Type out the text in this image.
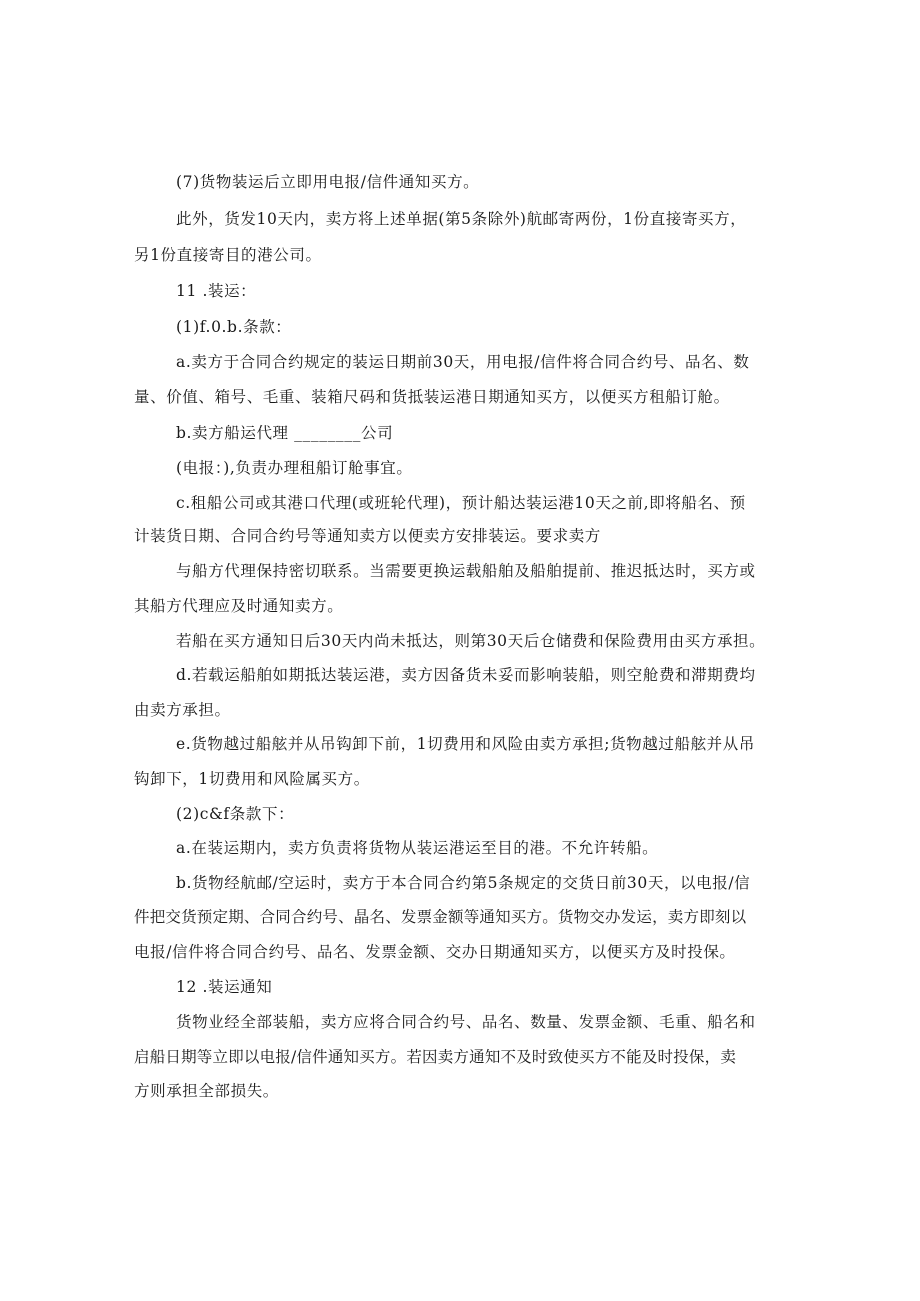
(7)货物装运后立即用电报/信件通知买方。
此外，货发10天内，卖方将上述单据(第5条除外)航邮寄两份，1份直接寄买方，
另1份直接寄目的港公司。
11 .装运：
(1)f.0.b.条款：
a.卖方于合同合约规定的装运日期前30天，用电报/信件将合同合约号、品名、数
量、价值、箱号、毛重、装箱尺码和货抵装运港日期通知买方，以便买方租船订舱。
b.卖方船运代理 ________公司
(电报：),负责办理租船订舱事宜。
c.租船公司或其港口代理(或班轮代理)，预计船达装运港10天之前,即将船名、预
计装货日期、合同合约号等通知卖方以便卖方安排装运。要求卖方
与船方代理保持密切联系。当需要更换运载船舶及船舶提前、推迟抵达时，买方或
其船方代理应及时通知卖方。
若船在买方通知日后30天内尚未抵达，则第30天后仓储费和保险费用由买方承担。
d.若载运船舶如期抵达装运港，卖方因备货未妥而影响装船，则空舱费和滞期费均
由卖方承担。
e.货物越过船舷并从吊钩卸下前，1切费用和风险由卖方承担;货物越过船舷并从吊
钩卸下，1切费用和风险属买方。
(2)c&f条款下：
a.在装运期内，卖方负责将货物从装运港运至目的港。不允许转船。
b.货物经航邮/空运时，卖方于本合同合约第5条规定的交货日前30天，以电报/信
件把交货预定期、合同合约号、晶名、发票金额等通知买方。货物交办发运，卖方即刻以
电报/信件将合同合约号、品名、发票金额、交办日期通知买方，以便买方及时投保。
12 .装运通知
货物业经全部装船，卖方应将合同合约号、品名、数量、发票金额、毛重、船名和
启船日期等立即以电报/信件通知买方。若因卖方通知不及时致使买方不能及时投保，卖
方则承担全部损失。
